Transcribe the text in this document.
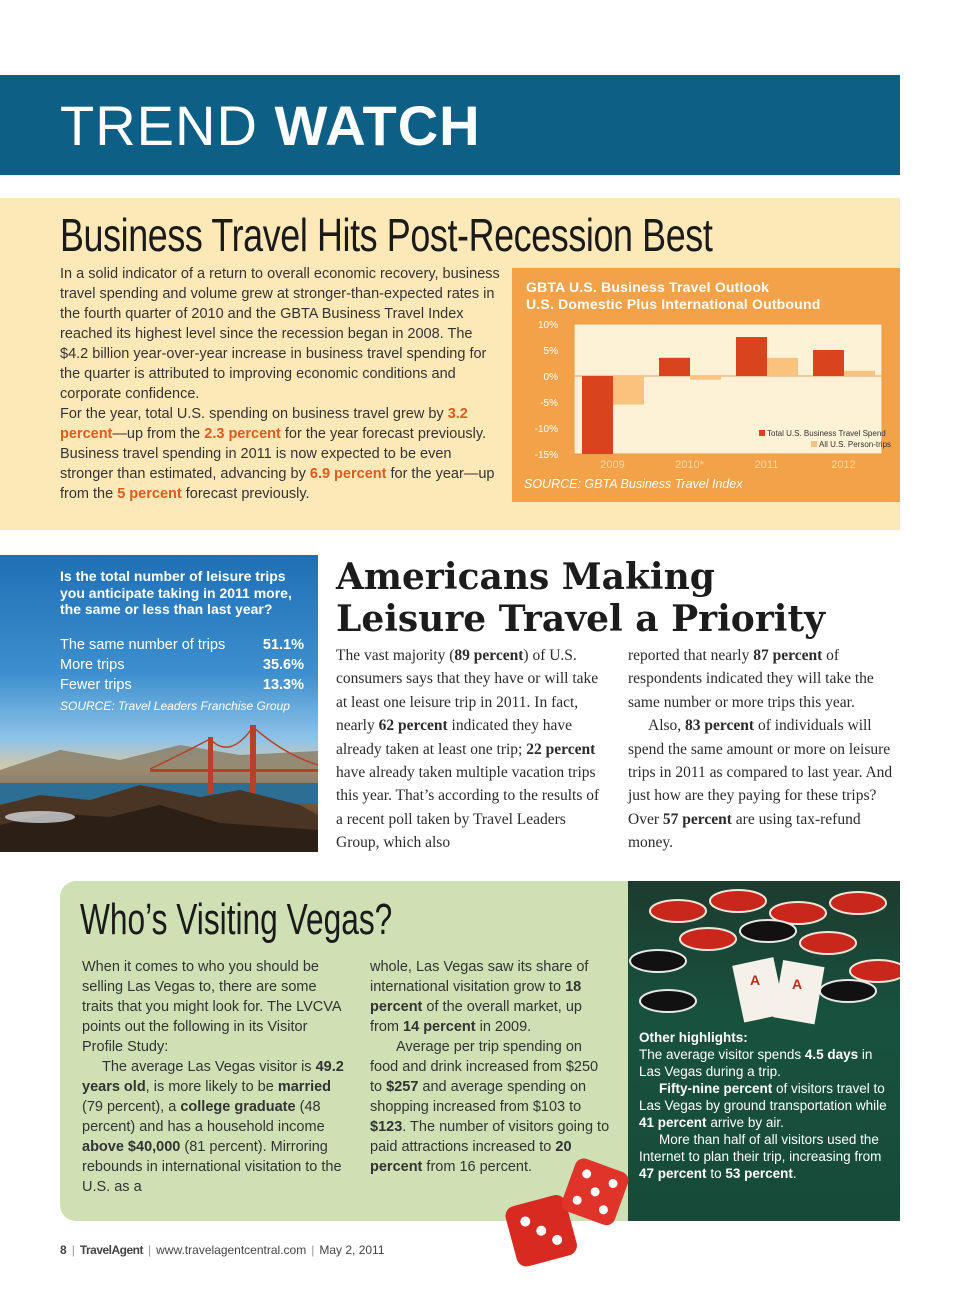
TREND WATCH
Business Travel Hits Post-Recession Best
In a solid indicator of a return to overall economic recovery, business travel spending and volume grew at stronger-than-expected rates in the fourth quarter of 2010 and the GBTA Business Travel Index reached its highest level since the recession began in 2008. The $4.2 billion year-over-year increase in business travel spending for the quarter is attributed to improving economic conditions and corporate confidence.
For the year, total U.S. spending on business travel grew by 3.2 percent—up from the 2.3 percent for the year forecast previously. Business travel spending in 2011 is now expected to be even stronger than estimated, advancing by 6.9 percent for the year—up from the 5 percent forecast previously.
GBTA U.S. Business Travel Outlook
U.S. Domestic Plus International Outbound
10%
5%
0%
-5%
-10%
-15%
2009	2010*	2011	2012
Total U.S. Business Travel Spend
All U.S. Person-trips
SOURCE: GBTA Business Travel Index
Is the total number of leisure trips you anticipate taking in 2011 more, the same or less than last year?
The same number of trips	51.1%
More trips	35.6%
Fewer trips	13.3%
SOURCE: Travel Leaders Franchise Group
Americans Making
Leisure Travel a Priority
The vast majority (89 percent) of U.S. consumers says that they have or will take at least one leisure trip in 2011. In fact, nearly 62 percent indicated they have already taken at least one trip; 22 percent have already taken multiple vacation trips this year. That’s according to the results of a recent poll taken by Travel Leaders Group, which also
reported that nearly 87 percent of respondents indicated they will take the same number or more trips this year.
Also, 83 percent of individuals will spend the same amount or more on leisure trips in 2011 as compared to last year. And just how are they paying for these trips? Over 57 percent are using tax-refund money.
Who’s Visiting Vegas?
When it comes to who you should be selling Las Vegas to, there are some traits that you might look for. The LVCVA points out the following in its Visitor Profile Study:
The average Las Vegas visitor is 49.2 years old, is more likely to be married (79 percent), a college graduate (48 percent) and has a household income above $40,000 (81 percent). Mirroring rebounds in international visitation to the U.S. as a
whole, Las Vegas saw its share of international visitation grow to 18 percent of the overall market, up from 14 percent in 2009.
Average per trip spending on food and drink increased from $250 to $257 and average spending on shopping increased from $103 to $123. The number of visitors going to paid attractions increased to 20 percent from 16 percent.
A A
Other highlights:
The average visitor spends 4.5 days in Las Vegas during a trip.
Fifty-nine percent of visitors travel to Las Vegas by ground transportation while 41 percent arrive by air.
More than half of all visitors used the Internet to plan their trip, increasing from 47 percent to 53 percent.
8 | TravelAgent | www.travelagentcentral.com | May 2, 2011
